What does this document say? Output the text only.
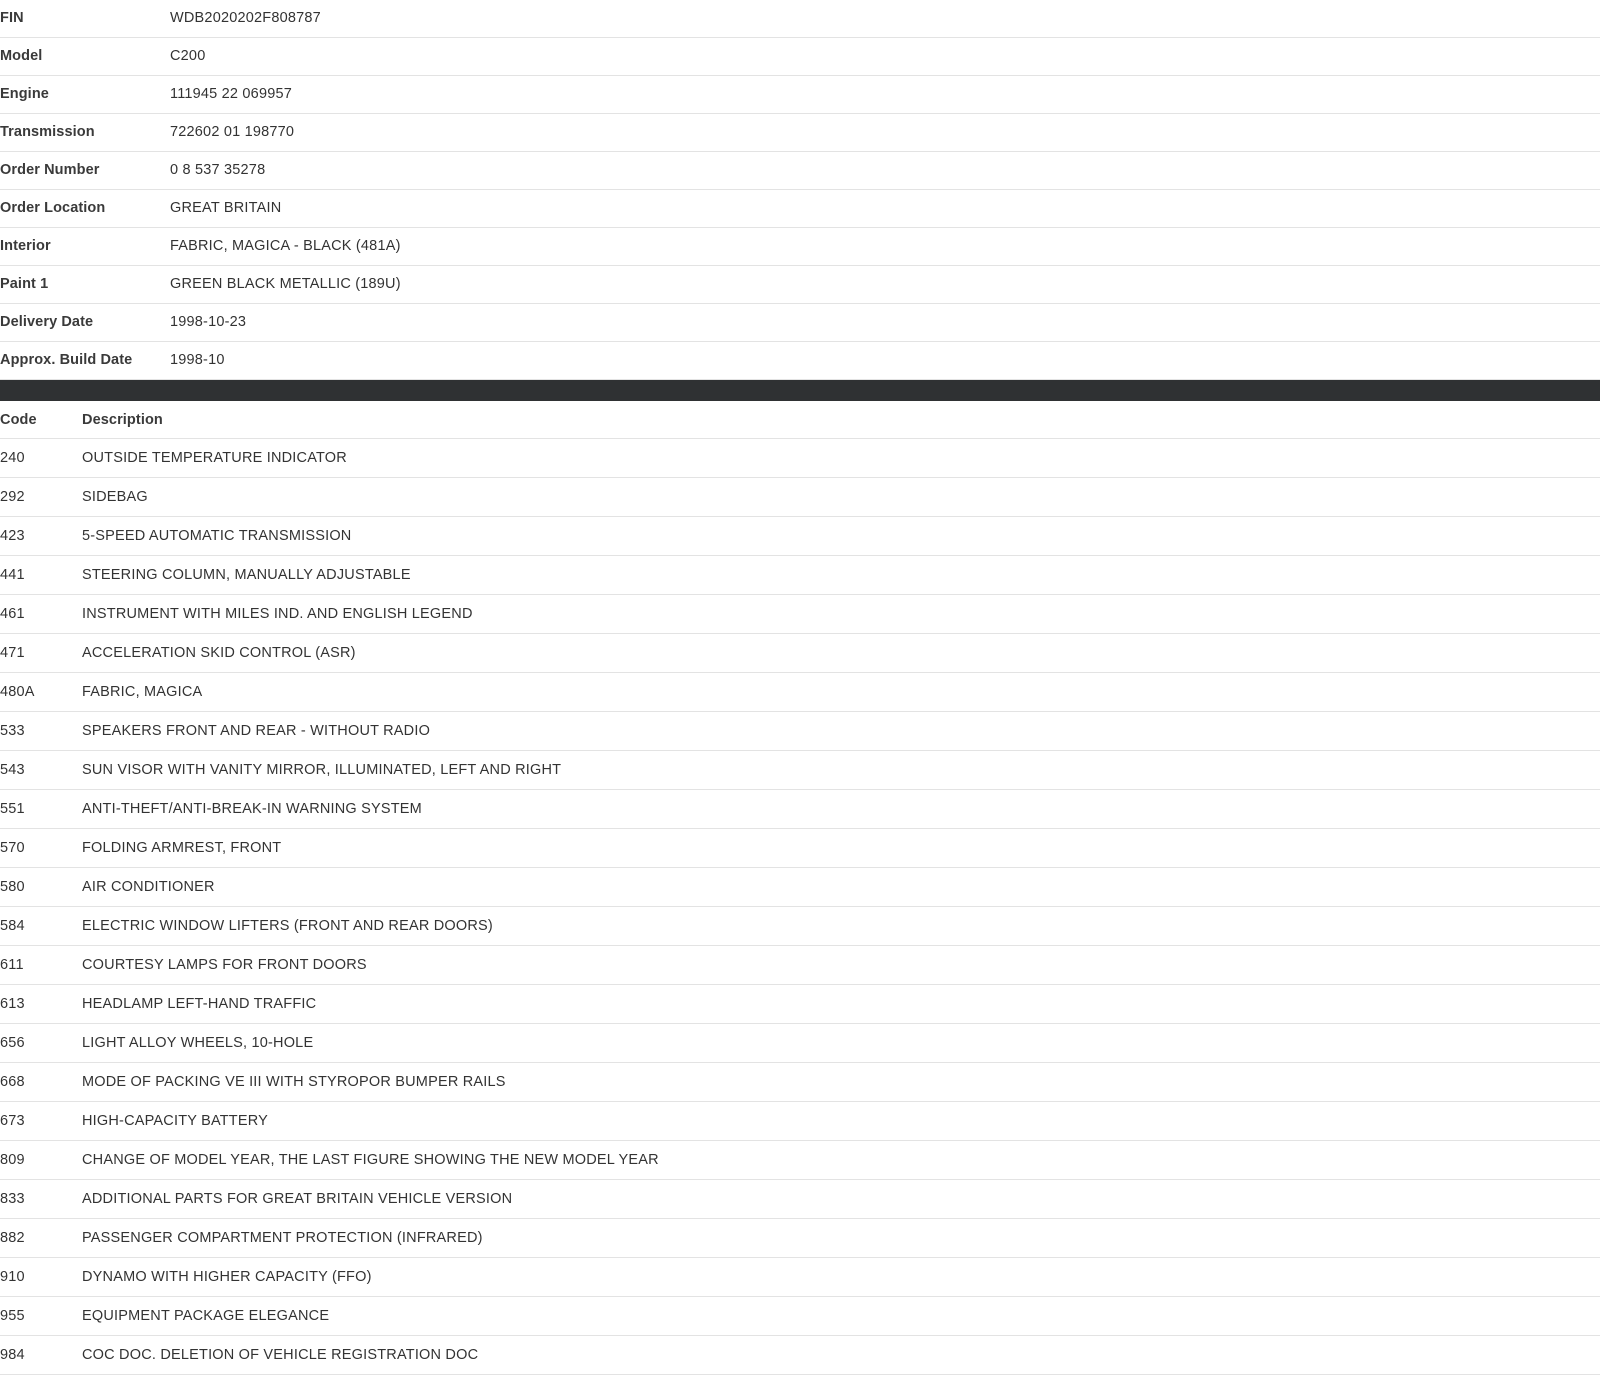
FIN	WDB2020202F808787
Model	C200
Engine	111945 22 069957
Transmission	722602 01 198770
Order Number	0 8 537 35278
Order Location	GREAT BRITAIN
Interior	FABRIC, MAGICA - BLACK (481A)
Paint 1	GREEN BLACK METALLIC (189U)
Delivery Date	1998-10-23
Approx. Build Date	1998-10
Code	Description
240	OUTSIDE TEMPERATURE INDICATOR
292	SIDEBAG
423	5-SPEED AUTOMATIC TRANSMISSION
441	STEERING COLUMN, MANUALLY ADJUSTABLE
461	INSTRUMENT WITH MILES IND. AND ENGLISH LEGEND
471	ACCELERATION SKID CONTROL (ASR)
480A	FABRIC, MAGICA
533	SPEAKERS FRONT AND REAR - WITHOUT RADIO
543	SUN VISOR WITH VANITY MIRROR, ILLUMINATED, LEFT AND RIGHT
551	ANTI-THEFT/ANTI-BREAK-IN WARNING SYSTEM
570	FOLDING ARMREST, FRONT
580	AIR CONDITIONER
584	ELECTRIC WINDOW LIFTERS (FRONT AND REAR DOORS)
611	COURTESY LAMPS FOR FRONT DOORS
613	HEADLAMP LEFT-HAND TRAFFIC
656	LIGHT ALLOY WHEELS, 10-HOLE
668	MODE OF PACKING VE III WITH STYROPOR BUMPER RAILS
673	HIGH-CAPACITY BATTERY
809	CHANGE OF MODEL YEAR, THE LAST FIGURE SHOWING THE NEW MODEL YEAR
833	ADDITIONAL PARTS FOR GREAT BRITAIN VEHICLE VERSION
882	PASSENGER COMPARTMENT PROTECTION (INFRARED)
910	DYNAMO WITH HIGHER CAPACITY (FFO)
955	EQUIPMENT PACKAGE ELEGANCE
984	COC DOC. DELETION OF VEHICLE REGISTRATION DOC
